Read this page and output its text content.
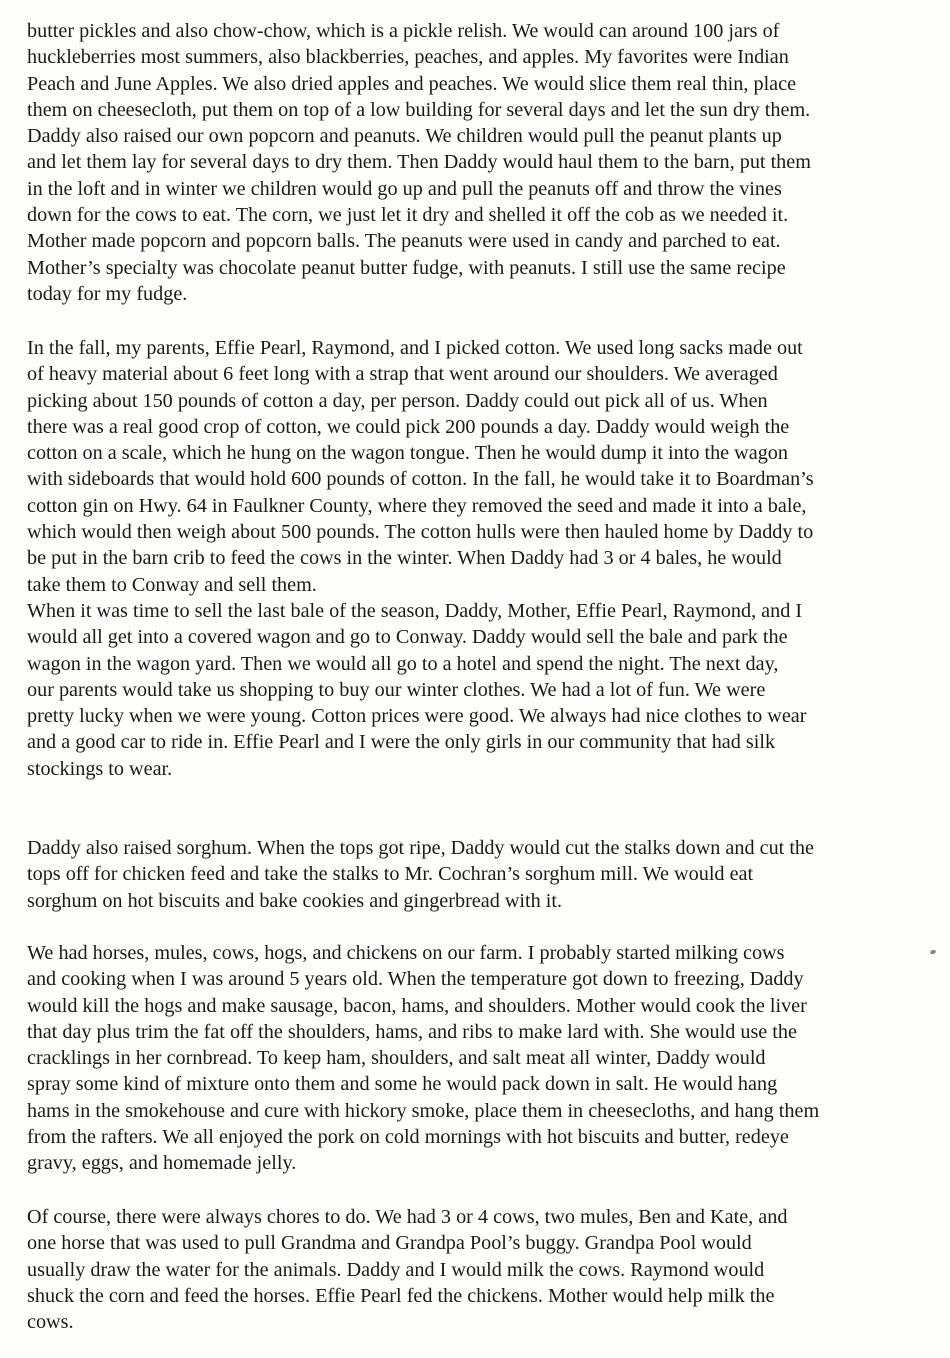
butter pickles and also chow-chow, which is a pickle relish. We would can around 100 jars of
huckleberries most summers, also blackberries, peaches, and apples. My favorites were Indian
Peach and June Apples. We also dried apples and peaches. We would slice them real thin, place
them on cheesecloth, put them on top of a low building for several days and let the sun dry them.
Daddy also raised our own popcorn and peanuts. We children would pull the peanut plants up
and let them lay for several days to dry them. Then Daddy would haul them to the barn, put them
in the loft and in winter we children would go up and pull the peanuts off and throw the vines
down for the cows to eat. The corn, we just let it dry and shelled it off the cob as we needed it.
Mother made popcorn and popcorn balls. The peanuts were used in candy and parched to eat.
Mother’s specialty was chocolate peanut butter fudge, with peanuts. I still use the same recipe
today for my fudge.

In the fall, my parents, Effie Pearl, Raymond, and I picked cotton. We used long sacks made out
of heavy material about 6 feet long with a strap that went around our shoulders. We averaged
picking about 150 pounds of cotton a day, per person. Daddy could out pick all of us. When
there was a real good crop of cotton, we could pick 200 pounds a day. Daddy would weigh the
cotton on a scale, which he hung on the wagon tongue. Then he would dump it into the wagon
with sideboards that would hold 600 pounds of cotton. In the fall, he would take it to Boardman’s
cotton gin on Hwy. 64 in Faulkner County, where they removed the seed and made it into a bale,
which would then weigh about 500 pounds. The cotton hulls were then hauled home by Daddy to
be put in the barn crib to feed the cows in the winter. When Daddy had 3 or 4 bales, he would
take them to Conway and sell them.
When it was time to sell the last bale of the season, Daddy, Mother, Effie Pearl, Raymond, and I
would all get into a covered wagon and go to Conway. Daddy would sell the bale and park the
wagon in the wagon yard. Then we would all go to a hotel and spend the night. The next day,
our parents would take us shopping to buy our winter clothes. We had a lot of fun. We were
pretty lucky when we were young. Cotton prices were good. We always had nice clothes to wear
and a good car to ride in. Effie Pearl and I were the only girls in our community that had silk
stockings to wear.

Daddy also raised sorghum. When the tops got ripe, Daddy would cut the stalks down and cut the
tops off for chicken feed and take the stalks to Mr. Cochran’s sorghum mill. We would eat
sorghum on hot biscuits and bake cookies and gingerbread with it.

We had horses, mules, cows, hogs, and chickens on our farm. I probably started milking cows
and cooking when I was around 5 years old. When the temperature got down to freezing, Daddy
would kill the hogs and make sausage, bacon, hams, and shoulders. Mother would cook the liver
that day plus trim the fat off the shoulders, hams, and ribs to make lard with. She would use the
cracklings in her cornbread. To keep ham, shoulders, and salt meat all winter, Daddy would
spray some kind of mixture onto them and some he would pack down in salt. He would hang
hams in the smokehouse and cure with hickory smoke, place them in cheesecloths, and hang them
from the rafters. We all enjoyed the pork on cold mornings with hot biscuits and butter, redeye
gravy, eggs, and homemade jelly.

Of course, there were always chores to do. We had 3 or 4 cows, two mules, Ben and Kate, and
one horse that was used to pull Grandma and Grandpa Pool’s buggy. Grandpa Pool would
usually draw the water for the animals. Daddy and I would milk the cows. Raymond would
shuck the corn and feed the horses. Effie Pearl fed the chickens. Mother would help milk the
cows.
